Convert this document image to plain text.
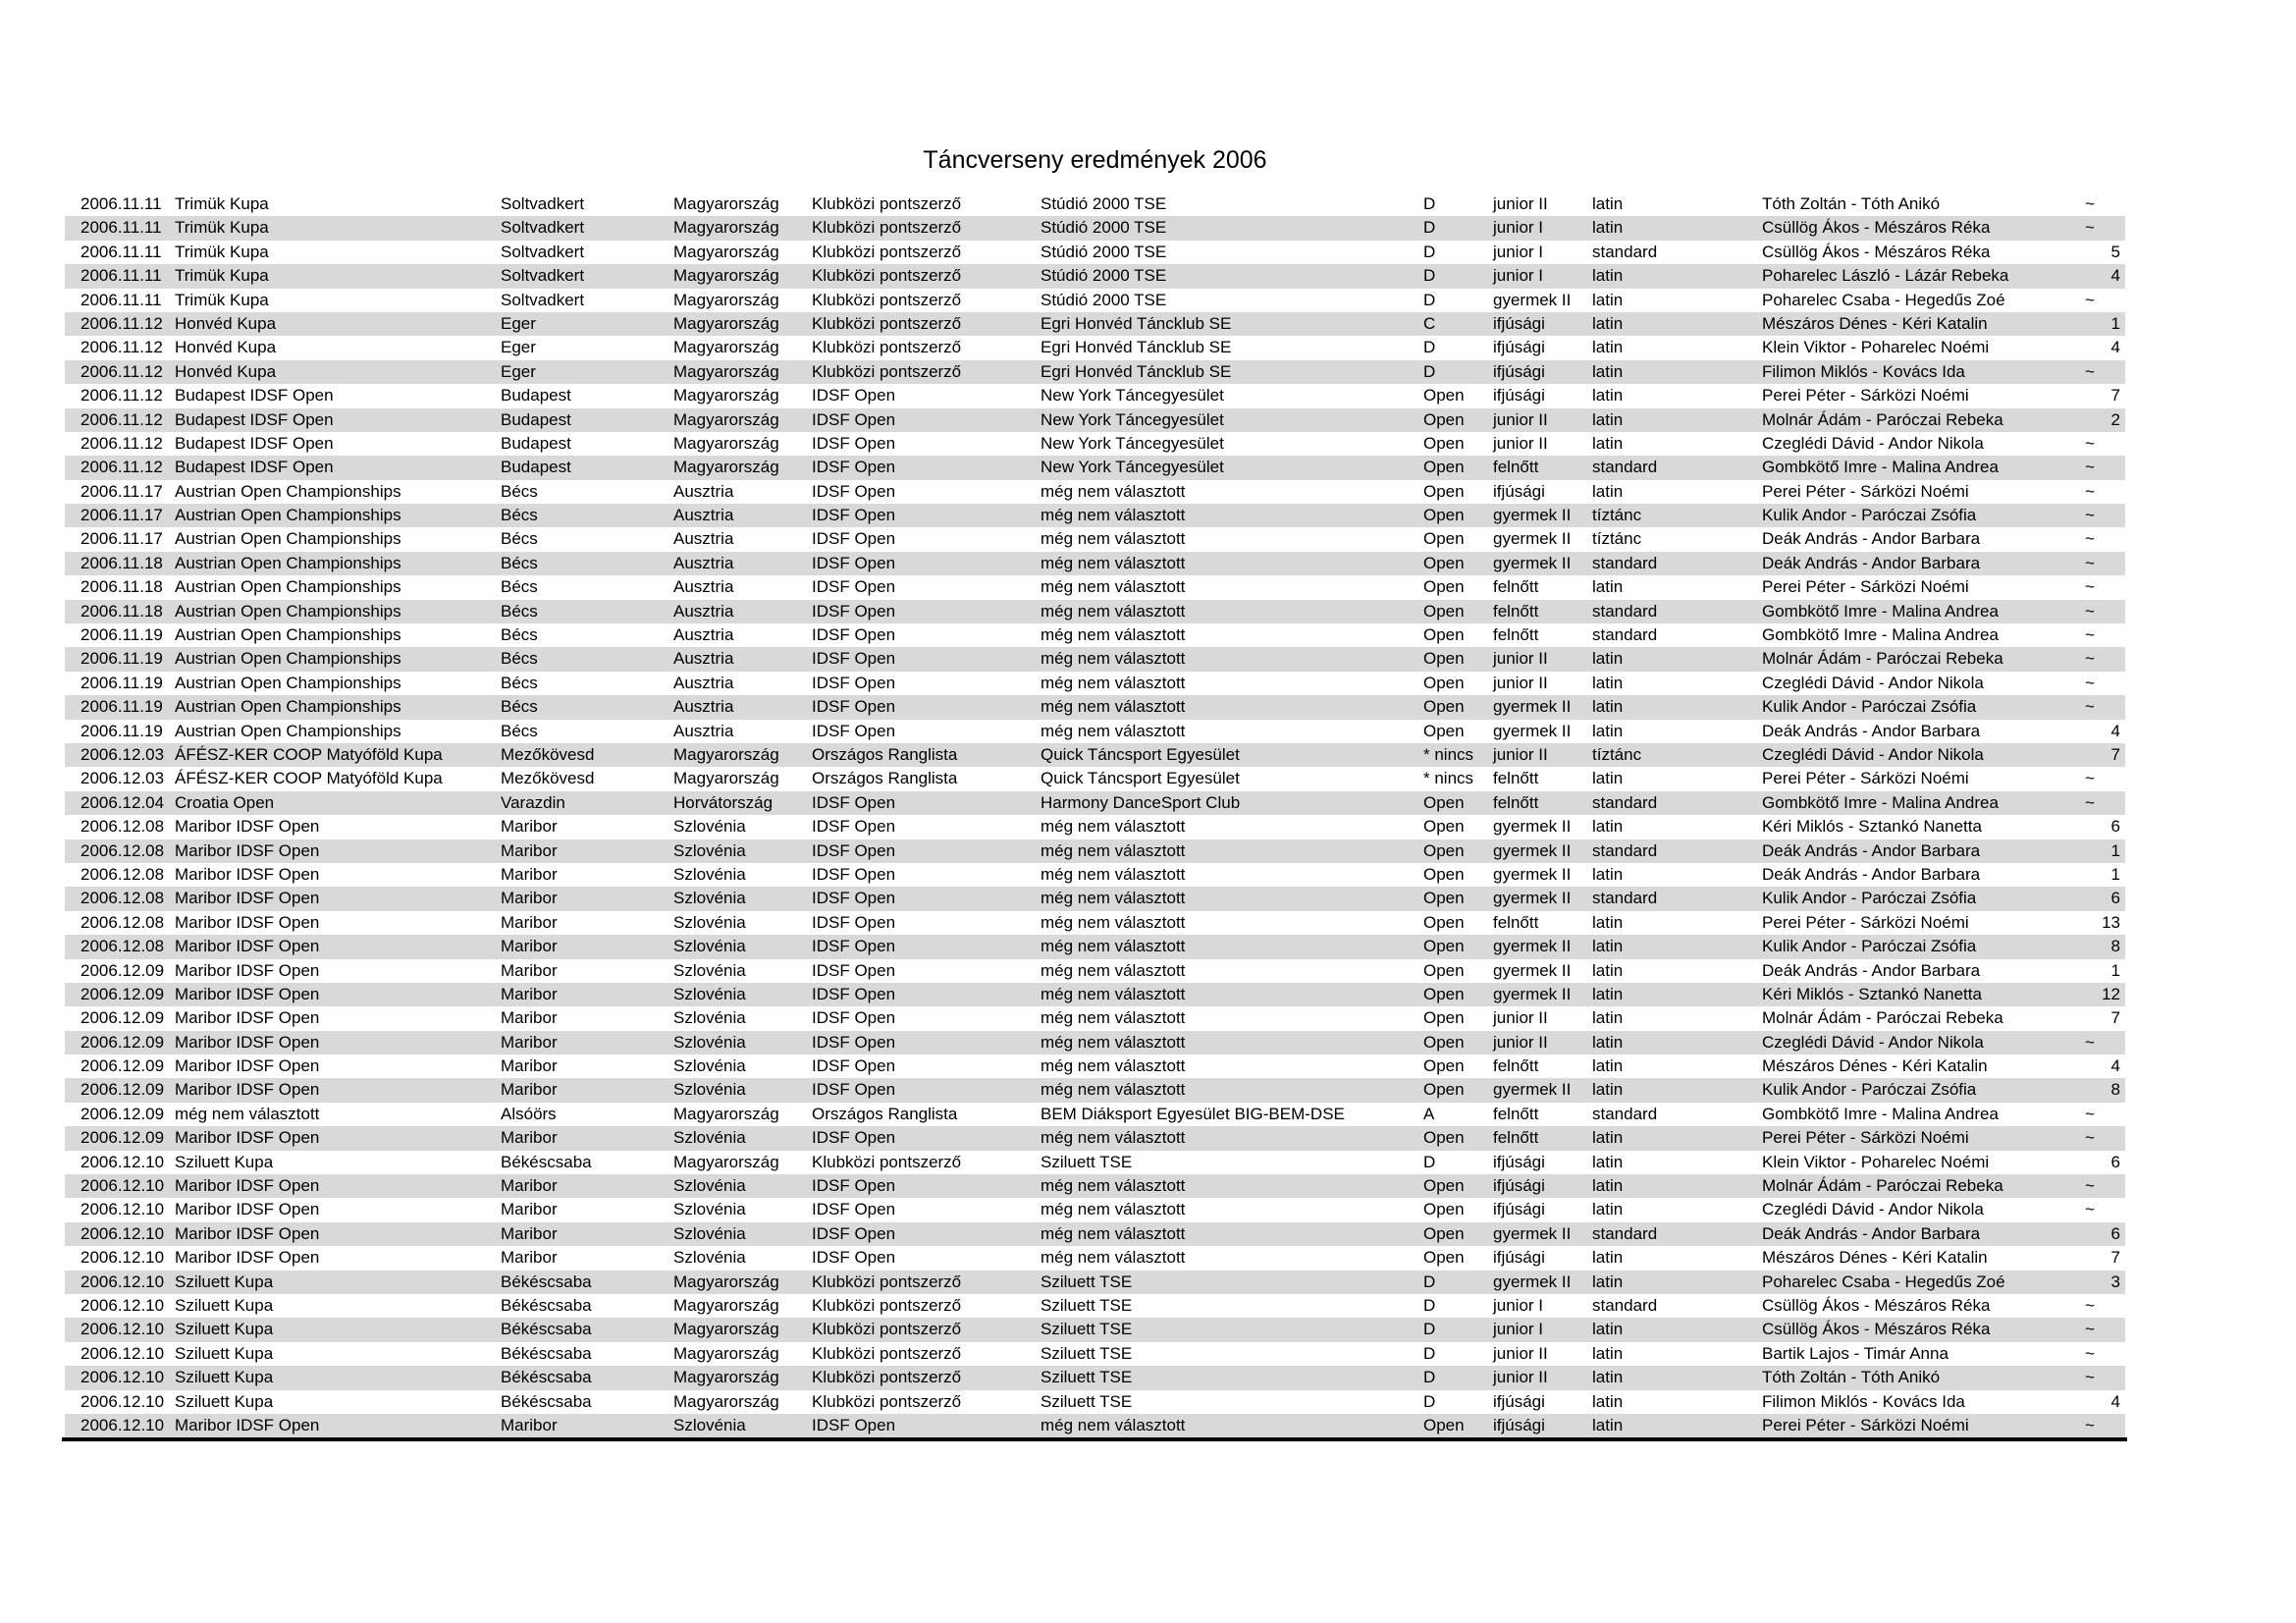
Táncverseny eredmények 2006
2006.11.11 Trimük Kupa	Soltvadkert	Magyarország	Klubközi pontszerző	Stúdió 2000 TSE	D	junior II	latin	Tóth Zoltán - Tóth Anikó	~
2006.11.11 Trimük Kupa	Soltvadkert	Magyarország	Klubközi pontszerző	Stúdió 2000 TSE	D	junior I	latin	Csüllög Ákos - Mészáros Réka	~
2006.11.11 Trimük Kupa	Soltvadkert	Magyarország	Klubközi pontszerző	Stúdió 2000 TSE	D	junior I	standard	Csüllög Ákos - Mészáros Réka	5
2006.11.11 Trimük Kupa	Soltvadkert	Magyarország	Klubközi pontszerző	Stúdió 2000 TSE	D	junior I	latin	Poharelec László - Lázár Rebeka	4
2006.11.11 Trimük Kupa	Soltvadkert	Magyarország	Klubközi pontszerző	Stúdió 2000 TSE	D	gyermek II	latin	Poharelec Csaba - Hegedűs Zoé	~
2006.11.12 Honvéd Kupa	Eger	Magyarország	Klubközi pontszerző	Egri Honvéd Táncklub SE	C	ifjúsági	latin	Mészáros Dénes - Kéri Katalin	1
2006.11.12 Honvéd Kupa	Eger	Magyarország	Klubközi pontszerző	Egri Honvéd Táncklub SE	D	ifjúsági	latin	Klein Viktor - Poharelec Noémi	4
2006.11.12 Honvéd Kupa	Eger	Magyarország	Klubközi pontszerző	Egri Honvéd Táncklub SE	D	ifjúsági	latin	Filimon Miklós - Kovács Ida	~
2006.11.12 Budapest IDSF Open	Budapest	Magyarország	IDSF Open	New York Táncegyesület	Open	ifjúsági	latin	Perei Péter - Sárközi Noémi	7
2006.11.12 Budapest IDSF Open	Budapest	Magyarország	IDSF Open	New York Táncegyesület	Open	junior II	latin	Molnár Ádám - Paróczai Rebeka	2
2006.11.12 Budapest IDSF Open	Budapest	Magyarország	IDSF Open	New York Táncegyesület	Open	junior II	latin	Czeglédi Dávid - Andor Nikola	~
2006.11.12 Budapest IDSF Open	Budapest	Magyarország	IDSF Open	New York Táncegyesület	Open	felnőtt	standard	Gombkötő Imre - Malina Andrea	~
2006.11.17 Austrian Open Championships	Bécs	Ausztria	IDSF Open	még nem választott	Open	ifjúsági	latin	Perei Péter - Sárközi Noémi	~
2006.11.17 Austrian Open Championships	Bécs	Ausztria	IDSF Open	még nem választott	Open	gyermek II	tíztánc	Kulik Andor - Paróczai Zsófia	~
2006.11.17 Austrian Open Championships	Bécs	Ausztria	IDSF Open	még nem választott	Open	gyermek II	tíztánc	Deák András - Andor Barbara	~
2006.11.18 Austrian Open Championships	Bécs	Ausztria	IDSF Open	még nem választott	Open	gyermek II	standard	Deák András - Andor Barbara	~
2006.11.18 Austrian Open Championships	Bécs	Ausztria	IDSF Open	még nem választott	Open	felnőtt	latin	Perei Péter - Sárközi Noémi	~
2006.11.18 Austrian Open Championships	Bécs	Ausztria	IDSF Open	még nem választott	Open	felnőtt	standard	Gombkötő Imre - Malina Andrea	~
2006.11.19 Austrian Open Championships	Bécs	Ausztria	IDSF Open	még nem választott	Open	felnőtt	standard	Gombkötő Imre - Malina Andrea	~
2006.11.19 Austrian Open Championships	Bécs	Ausztria	IDSF Open	még nem választott	Open	junior II	latin	Molnár Ádám - Paróczai Rebeka	~
2006.11.19 Austrian Open Championships	Bécs	Ausztria	IDSF Open	még nem választott	Open	junior II	latin	Czeglédi Dávid - Andor Nikola	~
2006.11.19 Austrian Open Championships	Bécs	Ausztria	IDSF Open	még nem választott	Open	gyermek II	latin	Kulik Andor - Paróczai Zsófia	~
2006.11.19 Austrian Open Championships	Bécs	Ausztria	IDSF Open	még nem választott	Open	gyermek II	latin	Deák András - Andor Barbara	4
2006.12.03 ÁFÉSZ-KER COOP Matyóföld Kupa	Mezőkövesd	Magyarország	Országos Ranglista	Quick Táncsport Egyesület	* nincs	junior II	tíztánc	Czeglédi Dávid - Andor Nikola	7
2006.12.03 ÁFÉSZ-KER COOP Matyóföld Kupa	Mezőkövesd	Magyarország	Országos Ranglista	Quick Táncsport Egyesület	* nincs	felnőtt	latin	Perei Péter - Sárközi Noémi	~
2006.12.04 Croatia Open	Varazdin	Horvátország	IDSF Open	Harmony DanceSport Club	Open	felnőtt	standard	Gombkötő Imre - Malina Andrea	~
2006.12.08 Maribor IDSF Open	Maribor	Szlovénia	IDSF Open	még nem választott	Open	gyermek II	latin	Kéri Miklós - Sztankó Nanetta	6
2006.12.08 Maribor IDSF Open	Maribor	Szlovénia	IDSF Open	még nem választott	Open	gyermek II	standard	Deák András - Andor Barbara	1
2006.12.08 Maribor IDSF Open	Maribor	Szlovénia	IDSF Open	még nem választott	Open	gyermek II	latin	Deák András - Andor Barbara	1
2006.12.08 Maribor IDSF Open	Maribor	Szlovénia	IDSF Open	még nem választott	Open	gyermek II	standard	Kulik Andor - Paróczai Zsófia	6
2006.12.08 Maribor IDSF Open	Maribor	Szlovénia	IDSF Open	még nem választott	Open	felnőtt	latin	Perei Péter - Sárközi Noémi	13
2006.12.08 Maribor IDSF Open	Maribor	Szlovénia	IDSF Open	még nem választott	Open	gyermek II	latin	Kulik Andor - Paróczai Zsófia	8
2006.12.09 Maribor IDSF Open	Maribor	Szlovénia	IDSF Open	még nem választott	Open	gyermek II	latin	Deák András - Andor Barbara	1
2006.12.09 Maribor IDSF Open	Maribor	Szlovénia	IDSF Open	még nem választott	Open	gyermek II	latin	Kéri Miklós - Sztankó Nanetta	12
2006.12.09 Maribor IDSF Open	Maribor	Szlovénia	IDSF Open	még nem választott	Open	junior II	latin	Molnár Ádám - Paróczai Rebeka	7
2006.12.09 Maribor IDSF Open	Maribor	Szlovénia	IDSF Open	még nem választott	Open	junior II	latin	Czeglédi Dávid - Andor Nikola	~
2006.12.09 Maribor IDSF Open	Maribor	Szlovénia	IDSF Open	még nem választott	Open	felnőtt	latin	Mészáros Dénes - Kéri Katalin	4
2006.12.09 Maribor IDSF Open	Maribor	Szlovénia	IDSF Open	még nem választott	Open	gyermek II	latin	Kulik Andor - Paróczai Zsófia	8
2006.12.09 még nem választott	Alsóörs	Magyarország	Országos Ranglista	BEM Diáksport Egyesület BIG-BEM-DSE	A	felnőtt	standard	Gombkötő Imre - Malina Andrea	~
2006.12.09 Maribor IDSF Open	Maribor	Szlovénia	IDSF Open	még nem választott	Open	felnőtt	latin	Perei Péter - Sárközi Noémi	~
2006.12.10 Sziluett Kupa	Békéscsaba	Magyarország	Klubközi pontszerző	Sziluett TSE	D	ifjúsági	latin	Klein Viktor - Poharelec Noémi	6
2006.12.10 Maribor IDSF Open	Maribor	Szlovénia	IDSF Open	még nem választott	Open	ifjúsági	latin	Molnár Ádám - Paróczai Rebeka	~
2006.12.10 Maribor IDSF Open	Maribor	Szlovénia	IDSF Open	még nem választott	Open	ifjúsági	latin	Czeglédi Dávid - Andor Nikola	~
2006.12.10 Maribor IDSF Open	Maribor	Szlovénia	IDSF Open	még nem választott	Open	gyermek II	standard	Deák András - Andor Barbara	6
2006.12.10 Maribor IDSF Open	Maribor	Szlovénia	IDSF Open	még nem választott	Open	ifjúsági	latin	Mészáros Dénes - Kéri Katalin	7
2006.12.10 Sziluett Kupa	Békéscsaba	Magyarország	Klubközi pontszerző	Sziluett TSE	D	gyermek II	latin	Poharelec Csaba - Hegedűs Zoé	3
2006.12.10 Sziluett Kupa	Békéscsaba	Magyarország	Klubközi pontszerző	Sziluett TSE	D	junior I	standard	Csüllög Ákos - Mészáros Réka	~
2006.12.10 Sziluett Kupa	Békéscsaba	Magyarország	Klubközi pontszerző	Sziluett TSE	D	junior I	latin	Csüllög Ákos - Mészáros Réka	~
2006.12.10 Sziluett Kupa	Békéscsaba	Magyarország	Klubközi pontszerző	Sziluett TSE	D	junior II	latin	Bartik Lajos - Timár Anna	~
2006.12.10 Sziluett Kupa	Békéscsaba	Magyarország	Klubközi pontszerző	Sziluett TSE	D	junior II	latin	Tóth Zoltán - Tóth Anikó	~
2006.12.10 Sziluett Kupa	Békéscsaba	Magyarország	Klubközi pontszerző	Sziluett TSE	D	ifjúsági	latin	Filimon Miklós - Kovács Ida	4
2006.12.10 Maribor IDSF Open	Maribor	Szlovénia	IDSF Open	még nem választott	Open	ifjúsági	latin	Perei Péter - Sárközi Noémi	~
